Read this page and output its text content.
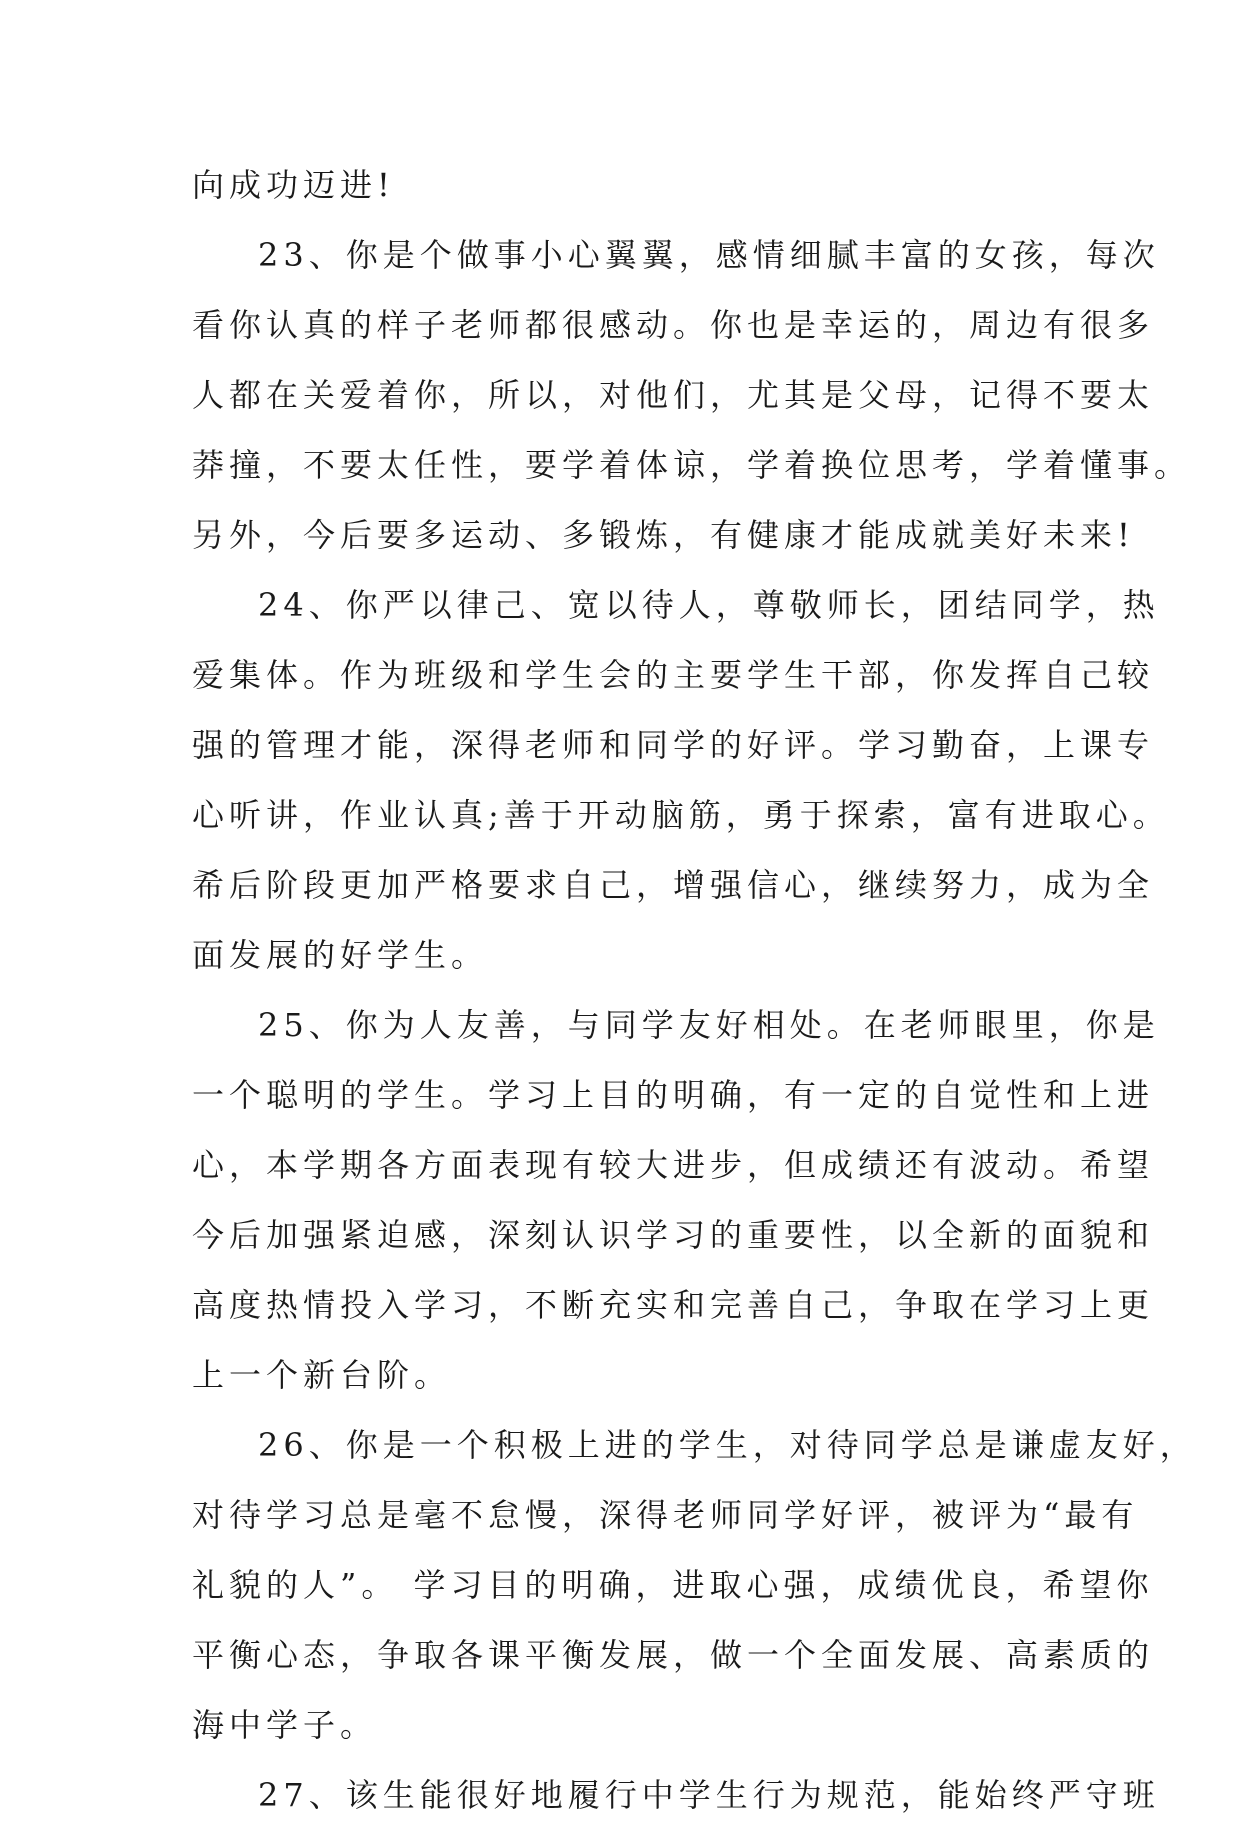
向成功迈进!
23、你是个做事小心翼翼，感情细腻丰富的女孩，每次
看你认真的样子老师都很感动。你也是幸运的，周边有很多
人都在关爱着你，所以，对他们，尤其是父母，记得不要太
莽撞，不要太任性，要学着体谅，学着换位思考，学着懂事。
另外，今后要多运动、多锻炼，有健康才能成就美好未来!
24、你严以律己、宽以待人，尊敬师长，团结同学，热
爱集体。作为班级和学生会的主要学生干部，你发挥自己较
强的管理才能，深得老师和同学的好评。学习勤奋，上课专
心听讲，作业认真;善于开动脑筋，勇于探索，富有进取心。
希后阶段更加严格要求自己，增强信心，继续努力，成为全
面发展的好学生。
25、你为人友善，与同学友好相处。在老师眼里，你是
一个聪明的学生。学习上目的明确，有一定的自觉性和上进
心，本学期各方面表现有较大进步，但成绩还有波动。希望
今后加强紧迫感，深刻认识学习的重要性，以全新的面貌和
高度热情投入学习，不断充实和完善自己，争取在学习上更
上一个新台阶。
26、你是一个积极上进的学生，对待同学总是谦虚友好，
对待学习总是毫不怠慢，深得老师同学好评，被评为“最有
礼貌的人”。 学习目的明确，进取心强，成绩优良，希望你
平衡心态，争取各课平衡发展，做一个全面发展、高素质的
海中学子。
27、该生能很好地履行中学生行为规范，能始终严守班
